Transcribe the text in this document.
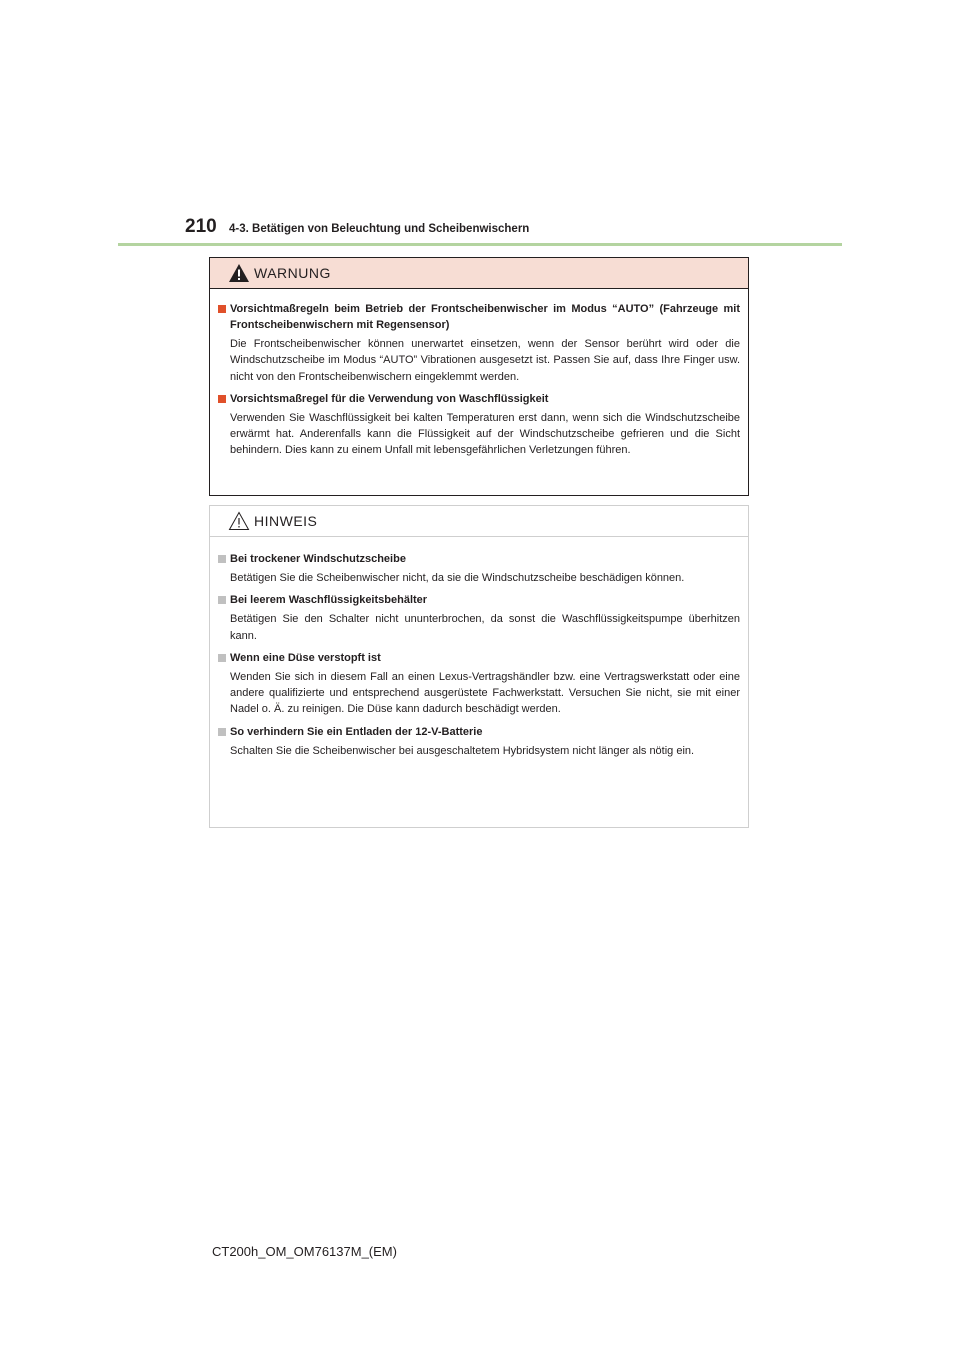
210 4-3. Betätigen von Beleuchtung und Scheibenwischern
WARNUNG
Vorsichtmaßregeln beim Betrieb der Frontscheibenwischer im Modus “AUTO” (Fahrzeuge mit Frontscheibenwischern mit Regensensor)
Die Frontscheibenwischer können unerwartet einsetzen, wenn der Sensor berührt wird oder die Windschutzscheibe im Modus “AUTO” Vibrationen ausgesetzt ist. Passen Sie auf, dass Ihre Finger usw. nicht von den Frontscheibenwischern eingeklemmt werden.
Vorsichtsmaßregel für die Verwendung von Waschflüssigkeit
Verwenden Sie Waschflüssigkeit bei kalten Temperaturen erst dann, wenn sich die Windschutzscheibe erwärmt hat. Anderenfalls kann die Flüssigkeit auf der Windschutzscheibe gefrieren und die Sicht behindern. Dies kann zu einem Unfall mit lebensgefährlichen Verletzungen führen.
HINWEIS
Bei trockener Windschutzscheibe
Betätigen Sie die Scheibenwischer nicht, da sie die Windschutzscheibe beschädigen können.
Bei leerem Waschflüssigkeitsbehälter
Betätigen Sie den Schalter nicht ununterbrochen, da sonst die Waschflüssigkeitspumpe überhitzen kann.
Wenn eine Düse verstopft ist
Wenden Sie sich in diesem Fall an einen Lexus-Vertragshändler bzw. eine Vertragswerkstatt oder eine andere qualifizierte und entsprechend ausgerüstete Fachwerkstatt. Versuchen Sie nicht, sie mit einer Nadel o. Ä. zu reinigen. Die Düse kann dadurch beschädigt werden.
So verhindern Sie ein Entladen der 12-V-Batterie
Schalten Sie die Scheibenwischer bei ausgeschaltetem Hybridsystem nicht länger als nötig ein.
CT200h_OM_OM76137M_(EM)
